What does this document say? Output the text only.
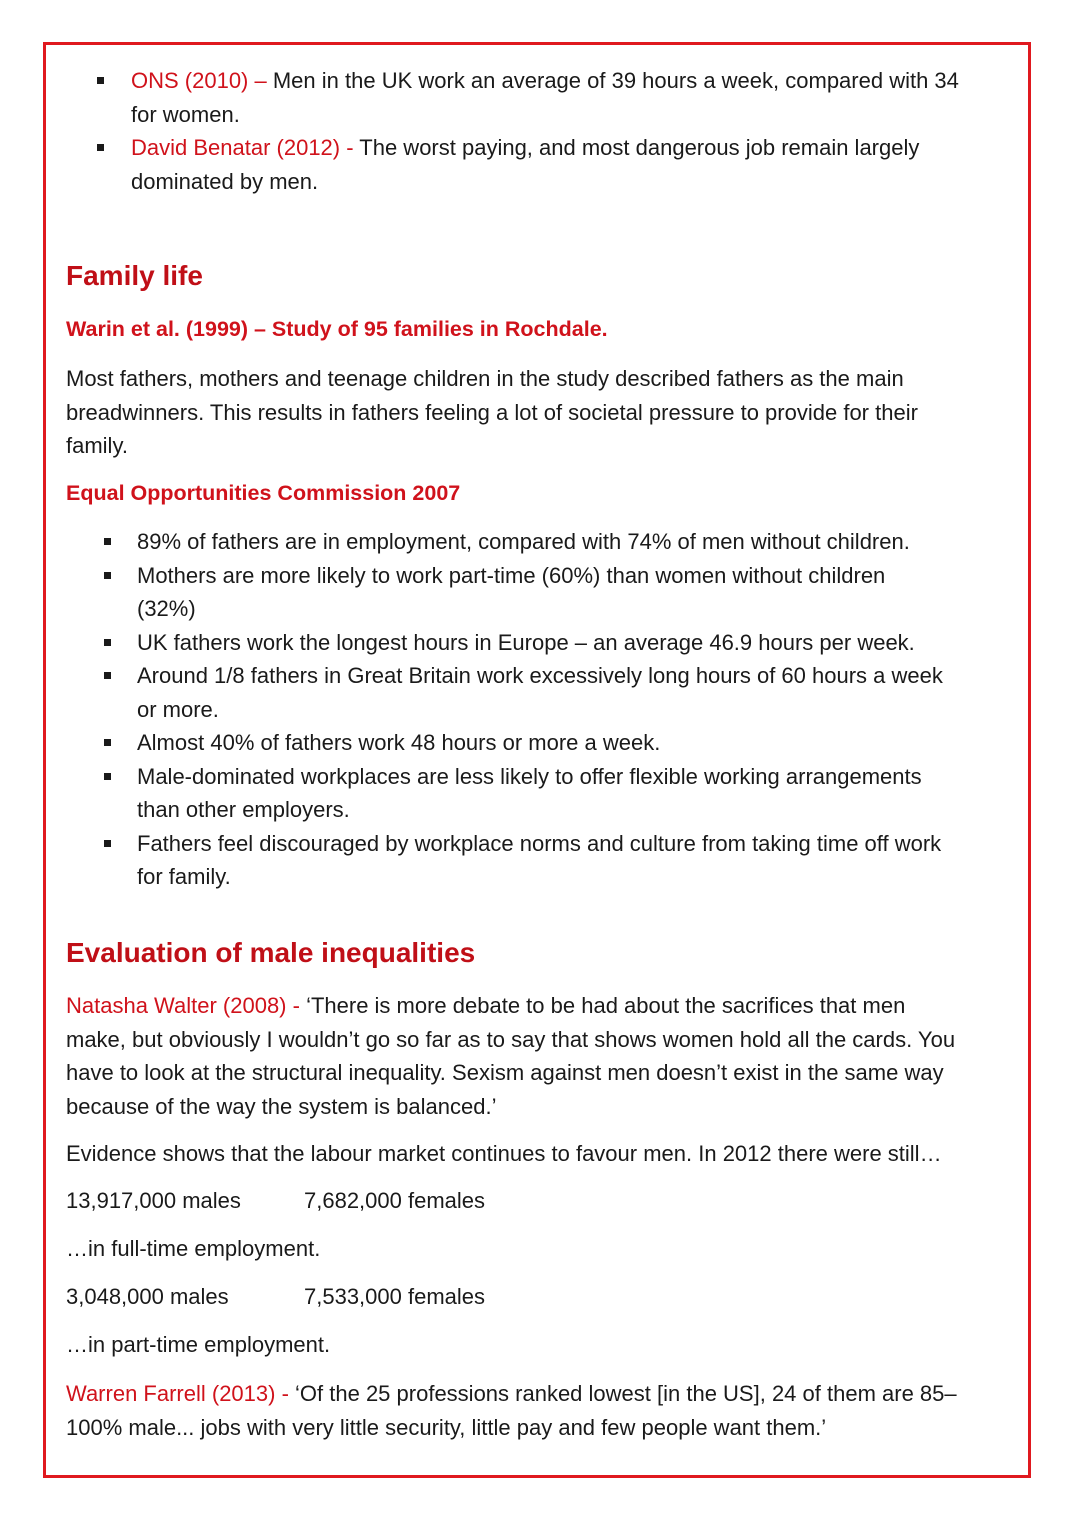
ONS (2010) – Men in the UK work an average of 39 hours a week, compared with 34
for women.
David Benatar (2012) - The worst paying, and most dangerous job remain largely
dominated by men.
Family life
Warin et al. (1999) – Study of 95 families in Rochdale.
Most fathers, mothers and teenage children in the study described fathers as the main
breadwinners. This results in fathers feeling a lot of societal pressure to provide for their
family.
Equal Opportunities Commission 2007
89% of fathers are in employment, compared with 74% of men without children.
Mothers are more likely to work part-time (60%) than women without children
(32%)
UK fathers work the longest hours in Europe – an average 46.9 hours per week.
Around 1/8 fathers in Great Britain work excessively long hours of 60 hours a week
or more.
Almost 40% of fathers work 48 hours or more a week.
Male-dominated workplaces are less likely to offer flexible working arrangements
than other employers.
Fathers feel discouraged by workplace norms and culture from taking time off work
for family.
Evaluation of male inequalities
Natasha Walter (2008) - ‘There is more debate to be had about the sacrifices that men
make, but obviously I wouldn’t go so far as to say that shows women hold all the cards. You
have to look at the structural inequality. Sexism against men doesn’t exist in the same way
because of the way the system is balanced.’
Evidence shows that the labour market continues to favour men. In 2012 there were still…
13,917,000 males	7,682,000 females
…in full-time employment.
3,048,000 males	7,533,000 females
…in part-time employment.
Warren Farrell (2013) - ‘Of the 25 professions ranked lowest [in the US], 24 of them are 85–
100% male... jobs with very little security, little pay and few people want them.’
